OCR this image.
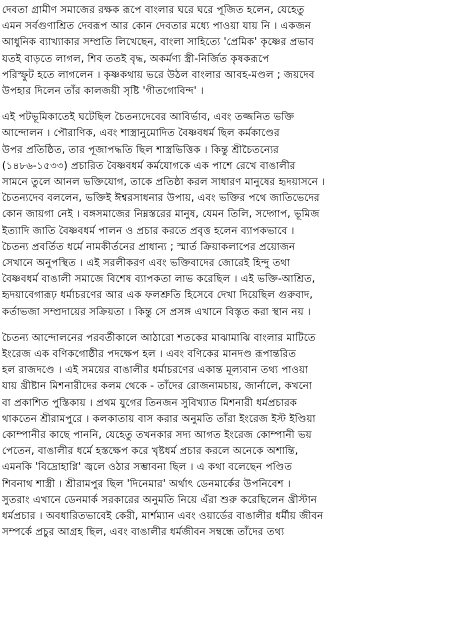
দেবতা গ্রামীণ সমাজের রক্ষক রূপে বাংলার ঘরে ঘরে পূজিত হলেন, যেহেতু
এমন সর্বগুণাশ্রিত দেবরূপ আর কোন দেবতার মধ্যে পাওয়া যায় নি । একজন
আধুনিক ব্যাখ্যাকার সম্প্রতি লিখেছেন, বাংলা সাহিত্যে 'প্রেমিক' কৃষ্ণের প্রভাব
যতই বাড়তে লাগল, শিব ততই বৃদ্ধ, অকর্মণ্য স্ত্রী-নির্জিত কৃষকরূপে
পরিস্ফুট হতে লাগলেন । কৃষ্ণকথায় ভরে উঠল বাংলার আবহ-মণ্ডল ; জয়দেব
উপহার দিলেন তাঁর কালজয়ী সৃষ্টি 'গীতগোবিন্দ' ।

এই পটভূমিকাতেই ঘটেছিল চৈতন্যদেবের আবির্ভাব, এবং তজ্জনিত ভক্তি
আন্দোলন । পৌরাণিক, এবং শাস্ত্রানুমোদিত বৈষ্ণবধর্ম ছিল কর্মকাণ্ডের
উপর প্রতিষ্ঠিত, তার পূজাপদ্ধতি ছিল শাস্ত্রভিত্তিক । কিন্তু শ্রীচৈতন্যের
(১৪৮৬-১৫৩৩) প্রচারিত বৈষ্ণবধর্ম কর্মযোগকে এক পাশে রেখে বাঙালীর
সামনে তুলে আনল ভক্তিযোগ, তাকে প্রতিষ্ঠা করল সাধারণ মানুষের হৃদয়াসনে ।
চৈতন্যদেব বললেন, ভক্তিই ঈশ্বরসাধনার উপায়, এবং ভক্তির পথে জাতিভেদের
কোন জায়গা নেই । বঙ্গসমাজের নিম্নস্তরের মানুষ, যেমন তিলি, সদ্গোপ, ভূমিজ
ইত্যাদি জাতি বৈষ্ণবধর্ম পালন ও প্রচার করতে প্রবৃত্ত হলেন ব্যাপকভাবে ।
চৈতন্য প্রবর্তিত ধর্মে নামকীর্তনের প্রাধান্য ; স্মার্ত ক্রিয়াকলাপের প্রয়োজন
সেখানে অনুপস্থিত । এই সরলীকরণ এবং ভক্তিবাদের জোরেই হিন্দু তথা
বৈষ্ণবধর্ম বাঙালী সমাজে বিশেষ ব্যাপকতা লাভ করেছিল । এই ভক্তি-আশ্রিত,
হৃদয়াবেগারূঢ় ধর্মাচরণের আর এক ফলশ্রুতি হিসেবে দেখা দিয়েছিল গুরুবাদ,
কর্তাভজা সম্প্রদায়ের সক্রিয়তা । কিন্তু সে প্রসঙ্গ এখানে বিস্তৃত করা স্থান নয় ।

চৈতন্য আন্দোলনের পরবর্তীকালে আঠারো শতকের মাঝামাঝি বাংলার মাটিতে
ইংরেজ এক বণিকগোষ্ঠীর পদক্ষেপ হল । এবং বণিকের মানদণ্ড রূপান্তরিত
হল রাজদণ্ডে । এই সময়ের বাঙালীর ধর্মাচরণের একান্ত মূল্যবান তথ্য পাওয়া
যায় খ্রীষ্টান মিশনারীদের কলম থেকে - তাঁদের রোজনামচায়, জার্নালে, কখনো
বা প্রকাশিত পুস্তিকায় । প্রথম যুগের তিনজন সুবিখ্যাত মিশনারী ধর্মপ্রচারক
থাকতেন শ্রীরামপুরে । কলকাতায় বাস করার অনুমতি তাঁরা ইংরেজ ইস্ট ইণ্ডিয়া
কোম্পানীর কাছে পাননি, যেহেতু তখনকার সদ্য আগত ইংরেজ কোম্পানী ভয়
পেতেন, বাঙালীর ধর্মে হস্তক্ষেপ করে খৃষ্টধর্ম প্রচার করলে অনেকে অশান্তি,
এমনকি 'বিদ্রোহাগ্নি' জ্বলে ওঠার সম্ভাবনা ছিল । এ কথা বলেছেন পণ্ডিত
শিবনাথ শাস্ত্রী । শ্রীরামপুর ছিল 'দিনেমার' অর্থাৎ ডেনমার্কের উপনিবেশ ।
সুতরাং এখানে ডেনমার্ক সরকারের অনুমতি নিয়ে এঁরা শুরু করেছিলেন খ্রীস্টান
ধর্মপ্রচার । অবধারিতভাবেই কেরী, মার্শম্যান এবং ওয়ার্ডের বাঙালীর ধর্মীয় জীবন
সম্পর্কে প্রচুর আগ্রহ ছিল, এবং বাঙালীর ধর্মজীবন সম্বন্ধে তাঁদের তথ্য
